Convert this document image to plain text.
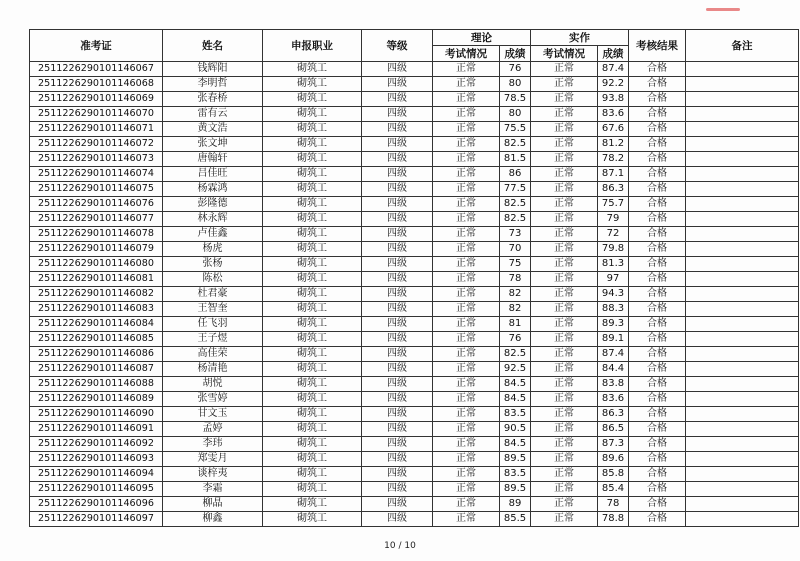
准考证	姓名	申报职业	等级	理论		实作		考核结果	备注
				考试情况	成绩	考试情况	成绩		
2511226290101146067	钱辉阳	砌筑工	四级	正常	76	正常	87.4	合格	
2511226290101146068	李明哲	砌筑工	四级	正常	80	正常	92.2	合格	
2511226290101146069	张春桥	砌筑工	四级	正常	78.5	正常	93.8	合格	
2511226290101146070	雷有云	砌筑工	四级	正常	80	正常	83.6	合格	
2511226290101146071	黄文浩	砌筑工	四级	正常	75.5	正常	67.6	合格	
2511226290101146072	张文坤	砌筑工	四级	正常	82.5	正常	81.2	合格	
2511226290101146073	唐翰轩	砌筑工	四级	正常	81.5	正常	78.2	合格	
2511226290101146074	吕佳旺	砌筑工	四级	正常	86	正常	87.1	合格	
2511226290101146075	杨霖鸿	砌筑工	四级	正常	77.5	正常	86.3	合格	
2511226290101146076	彭隆德	砌筑工	四级	正常	82.5	正常	75.7	合格	
2511226290101146077	林永辉	砌筑工	四级	正常	82.5	正常	79	合格	
2511226290101146078	卢佳鑫	砌筑工	四级	正常	73	正常	72	合格	
2511226290101146079	杨虎	砌筑工	四级	正常	70	正常	79.8	合格	
2511226290101146080	张杨	砌筑工	四级	正常	75	正常	81.3	合格	
2511226290101146081	陈松	砌筑工	四级	正常	78	正常	97	合格	
2511226290101146082	杜君豪	砌筑工	四级	正常	82	正常	94.3	合格	
2511226290101146083	王智奎	砌筑工	四级	正常	82	正常	88.3	合格	
2511226290101146084	任飞羽	砌筑工	四级	正常	81	正常	89.3	合格	
2511226290101146085	王子煜	砌筑工	四级	正常	76	正常	89.1	合格	
2511226290101146086	高佳荣	砌筑工	四级	正常	82.5	正常	87.4	合格	
2511226290101146087	杨清艳	砌筑工	四级	正常	92.5	正常	84.4	合格	
2511226290101146088	胡悦	砌筑工	四级	正常	84.5	正常	83.8	合格	
2511226290101146089	张雪婷	砌筑工	四级	正常	84.5	正常	83.6	合格	
2511226290101146090	甘文玉	砌筑工	四级	正常	83.5	正常	86.3	合格	
2511226290101146091	孟婷	砌筑工	四级	正常	90.5	正常	86.5	合格	
2511226290101146092	李玮	砌筑工	四级	正常	84.5	正常	87.3	合格	
2511226290101146093	郑雯月	砌筑工	四级	正常	89.5	正常	89.6	合格	
2511226290101146094	谈梓夷	砌筑工	四级	正常	83.5	正常	85.8	合格	
2511226290101146095	李霜	砌筑工	四级	正常	89.5	正常	85.4	合格	
2511226290101146096	柳晶	砌筑工	四级	正常	89	正常	78	合格	
2511226290101146097	柳鑫	砌筑工	四级	正常	85.5	正常	78.8	合格	
10 / 10
